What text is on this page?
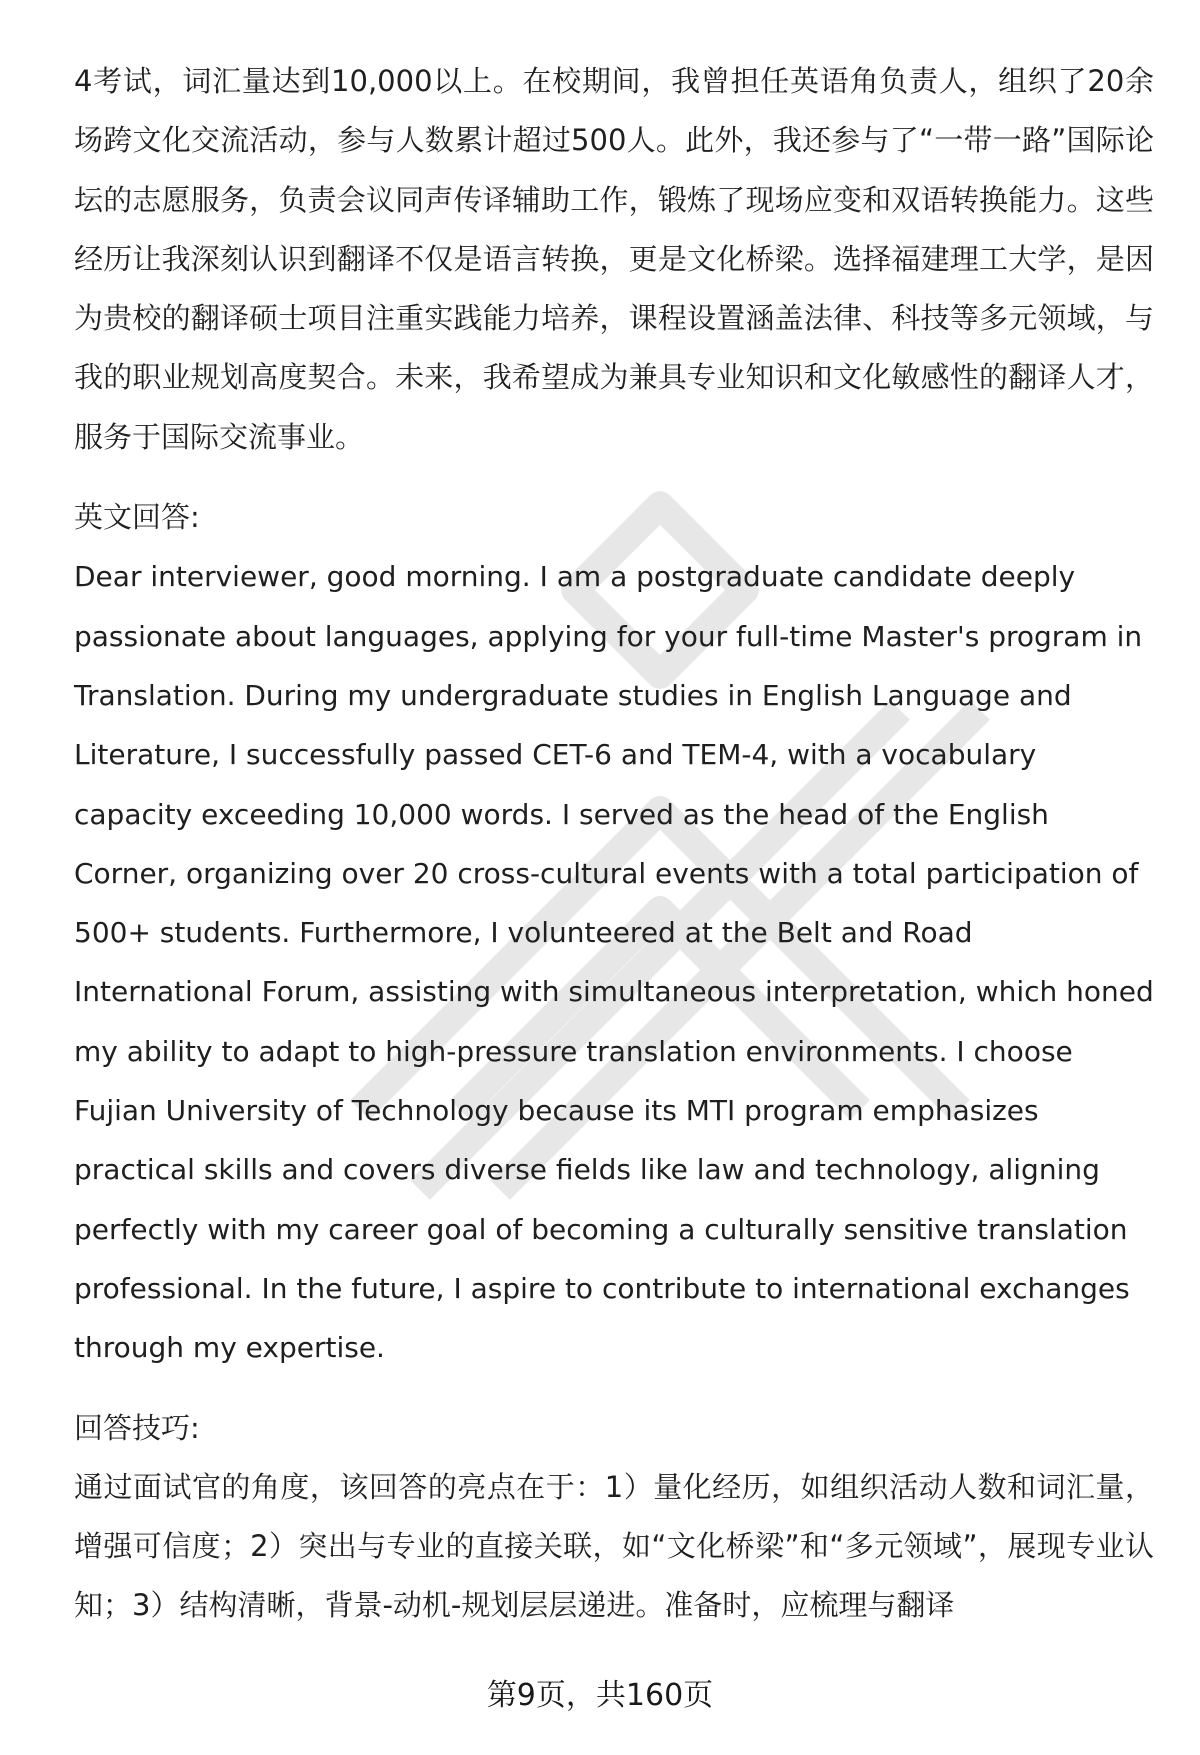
4考试，词汇量达到10,000以上。在校期间，我曾担任英语角负责人，组织了20余场跨文化交流活动，参与人数累计超过500人。此外，我还参与了“一带一路”国际论坛的志愿服务，负责会议同声传译辅助工作，锻炼了现场应变和双语转换能力。这些经历让我深刻认识到翻译不仅是语言转换，更是文化桥梁。选择福建理工大学，是因为贵校的翻译硕士项目注重实践能力培养，课程设置涵盖法律、科技等多元领域，与我的职业规划高度契合。未来，我希望成为兼具专业知识和文化敏感性的翻译人才，服务于国际交流事业。

英文回答:

Dear interviewer, good morning. I am a postgraduate candidate deeply passionate about languages, applying for your full-time Master's program in Translation. During my undergraduate studies in English Language and Literature, I successfully passed CET-6 and TEM-4, with a vocabulary capacity exceeding 10,000 words. I served as the head of the English Corner, organizing over 20 cross-cultural events with a total participation of 500+ students. Furthermore, I volunteered at the Belt and Road International Forum, assisting with simultaneous interpretation, which honed my ability to adapt to high-pressure translation environments. I choose Fujian University of Technology because its MTI program emphasizes practical skills and covers diverse fields like law and technology, aligning perfectly with my career goal of becoming a culturally sensitive translation professional. In the future, I aspire to contribute to international exchanges through my expertise.

回答技巧:

通过面试官的角度，该回答的亮点在于：1）量化经历，如组织活动人数和词汇量，增强可信度；2）突出与专业的直接关联，如“文化桥梁”和“多元领域”，展现专业认知；3）结构清晰，背景-动机-规划层层递进。准备时，应梳理与翻译

第9页，共160页
